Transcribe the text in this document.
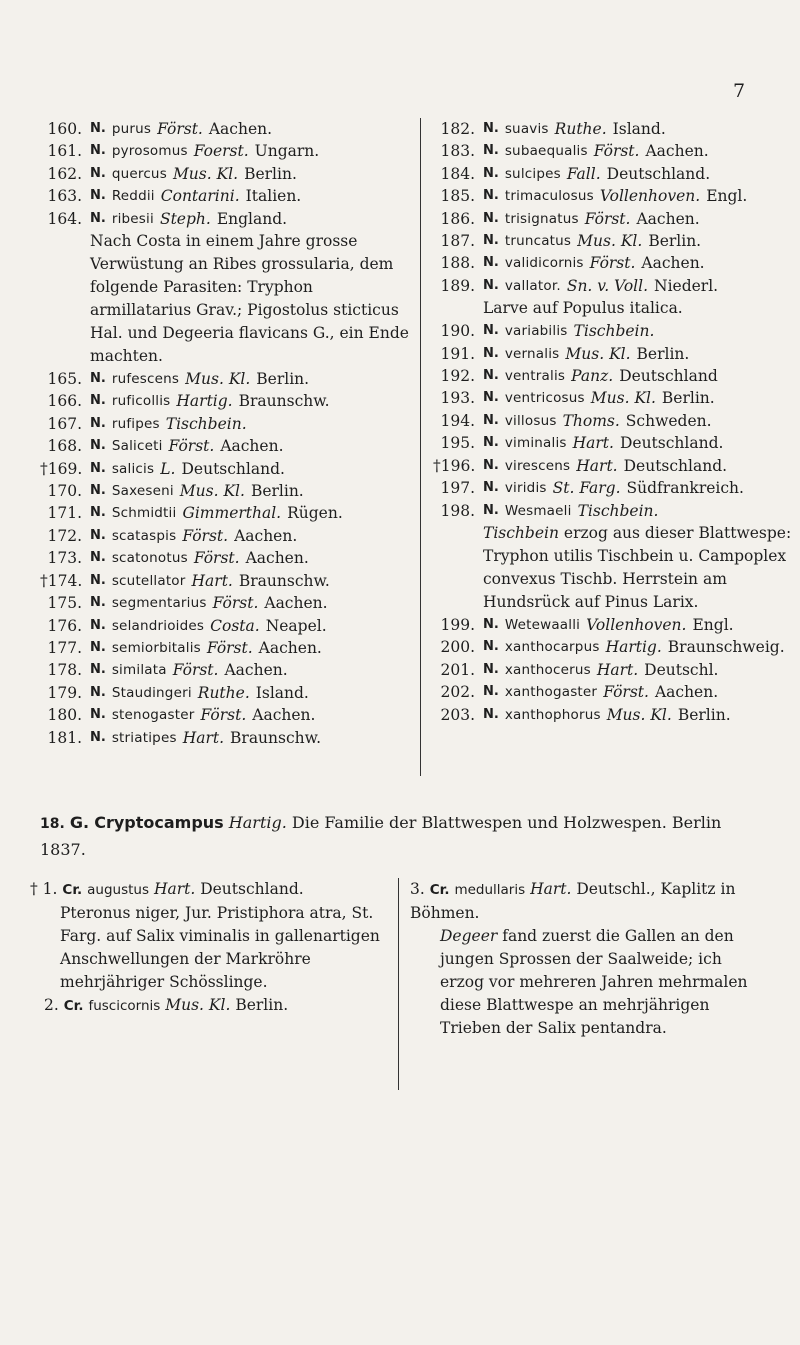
7
160. N. purus Först. Aachen.
161. N. pyrosomus Foerst. Ungarn.
162. N. quercus Mus. Kl. Berlin.
163. N. Reddii Contarini. Italien.
164. N. ribesii Steph. England.
Nach Costa in einem Jahre grosse Verwüstung an Ribes grossularia, dem folgende Parasiten: Tryphon armillatarius Grav.; Pigostolus sticticus Hal. und Degeeria flavicans G., ein Ende machten.
165. N. rufescens Mus. Kl. Berlin.
166. N. ruficollis Hartig. Braunschw.
167. N. rufipes Tischbein.
168. N. Saliceti Först. Aachen.
†169. N. salicis L. Deutschland.
170. N. Saxeseni Mus. Kl. Berlin.
171. N. Schmidtii Gimmerthal. Rügen.
172. N. scataspis Först. Aachen.
173. N. scatonotus Först. Aachen.
†174. N. scutellator Hart. Braunschw.
175. N. segmentarius Först. Aachen.
176. N. selandrioides Costa. Neapel.
177. N. semiorbitalis Först. Aachen.
178. N. similata Först. Aachen.
179. N. Staudingeri Ruthe. Island.
180. N. stenogaster Först. Aachen.
181. N. striatipes Hart. Braunschw.
182. N. suavis Ruthe. Island.
183. N. subaequalis Först. Aachen.
184. N. sulcipes Fall. Deutschland.
185. N. trimaculosus Vollenhoven. Engl.
186. N. trisignatus Först. Aachen.
187. N. truncatus Mus. Kl. Berlin.
188. N. validicornis Först. Aachen.
189. N. vallator. Sn. v. Voll. Niederl.
Larve auf Populus italica.
190. N. variabilis Tischbein.
191. N. vernalis Mus. Kl. Berlin.
192. N. ventralis Panz. Deutschland
193. N. ventricosus Mus. Kl. Berlin.
194. N. villosus Thoms. Schweden.
195. N. viminalis Hart. Deutschland.
†196. N. virescens Hart. Deutschland.
197. N. viridis St. Farg. Südfrankreich.
198. N. Wesmaeli Tischbein.
Tischbein erzog aus dieser Blattwespe: Tryphon utilis Tischbein u. Campoplex convexus Tischb. Herrstein am Hundsrück auf Pinus Larix.
199. N. Wetewaalli Vollenhoven. Engl.
200. N. xanthocarpus Hartig. Braunschweig.
201. N. xanthocerus Hart. Deutschl.
202. N. xanthogaster Först. Aachen.
203. N. xanthophorus Mus. Kl. Berlin.
18. G. Cryptocampus Hartig. Die Familie der Blattwespen und Holzwespen. Berlin 1837.
† 1. Cr. augustus Hart. Deutschland.
Pteronus niger, Jur. Pristiphora atra, St. Farg. auf Salix viminalis in gallenartigen Anschwellungen der Markröhre mehrjähriger Schösslinge.
2. Cr. fuscicornis Mus. Kl. Berlin.
3. Cr. medullaris Hart. Deutschl., Kaplitz in Böhmen.
Degeer fand zuerst die Gallen an den jungen Sprossen der Saalweide; ich erzog vor mehreren Jahren mehrmalen diese Blattwespe an mehrjährigen Trieben der Salix pentandra.
